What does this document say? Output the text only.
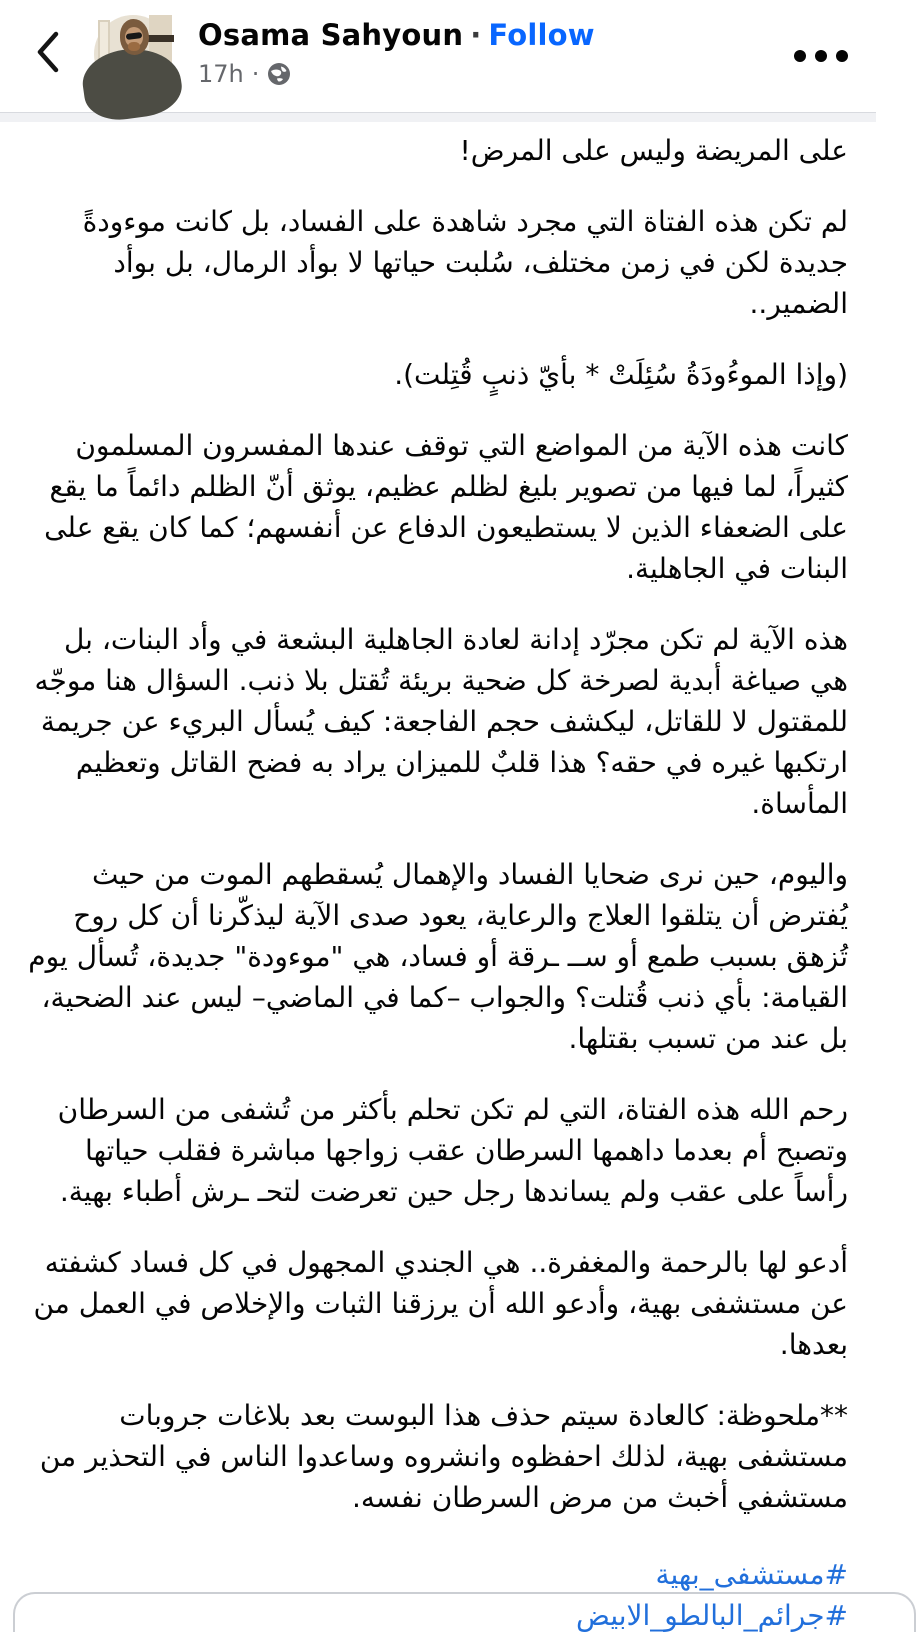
Osama Sahyoun · Follow
17h ·

على المريضة وليس على المرض!

لم تكن هذه الفتاة التي مجرد شاهدة على الفساد، بل كانت موءودةً جديدة لكن في زمن مختلف، سُلبت حياتها لا بوأد الرمال، بل بوأد الضمير..

(وإذا الموءُودَةُ سُئِلَتْ * بأيّ ذنبٍ قُتِلت).

كانت هذه الآية من المواضع التي توقف عندها المفسرون المسلمون كثيراً، لما فيها من تصوير بليغ لظلم عظيم، يوثق أنّ الظلم دائماً ما يقع على الضعفاء الذين لا يستطيعون الدفاع عن أنفسهم؛ كما كان يقع على البنات في الجاهلية.

هذه الآية لم تكن مجرّد إدانة لعادة الجاهلية البشعة في وأد البنات، بل هي صياغة أبدية لصرخة كل ضحية بريئة تُقتل بلا ذنب. السؤال هنا موجّه للمقتول لا للقاتل، ليكشف حجم الفاجعة: كيف يُسأل البريء عن جريمة ارتكبها غيره في حقه؟ هذا قلبٌ للميزان يراد به فضح القاتل وتعظيم المأساة.

واليوم، حين نرى ضحايا الفساد والإهمال يُسقطهم الموت من حيث يُفترض أن يتلقوا العلاج والرعاية، يعود صدى الآية ليذكّرنا أن كل روح تُزهق بسبب طمع أو ســ ـرقة أو فساد، هي "موءودة" جديدة، تُسأل يوم القيامة: بأي ذنب قُتلت؟ والجواب –كما في الماضي– ليس عند الضحية، بل عند من تسبب بقتلها.

رحم الله هذه الفتاة، التي لم تكن تحلم بأكثر من تُشفى من السرطان وتصبح أم بعدما داهمها السرطان عقب زواجها مباشرة فقلب حياتها رأساً على عقب ولم يساندها رجل حين تعرضت لتحـ ـرش أطباء بهية.

أدعو لها بالرحمة والمغفرة.. هي الجندي المجهول في كل فساد كشفته عن مستشفى بهية، وأدعو الله أن يرزقنا الثبات والإخلاص في العمل من بعدها.

**ملحوظة: كالعادة سيتم حذف هذا البوست بعد بلاغات جروبات مستشفى بهية، لذلك احفظوه وانشروه وساعدوا الناس في التحذير من مستشفي أخبث من مرض السرطان نفسه.

#مستشفى_بهية
#جرائم_البالطو_الابيض
